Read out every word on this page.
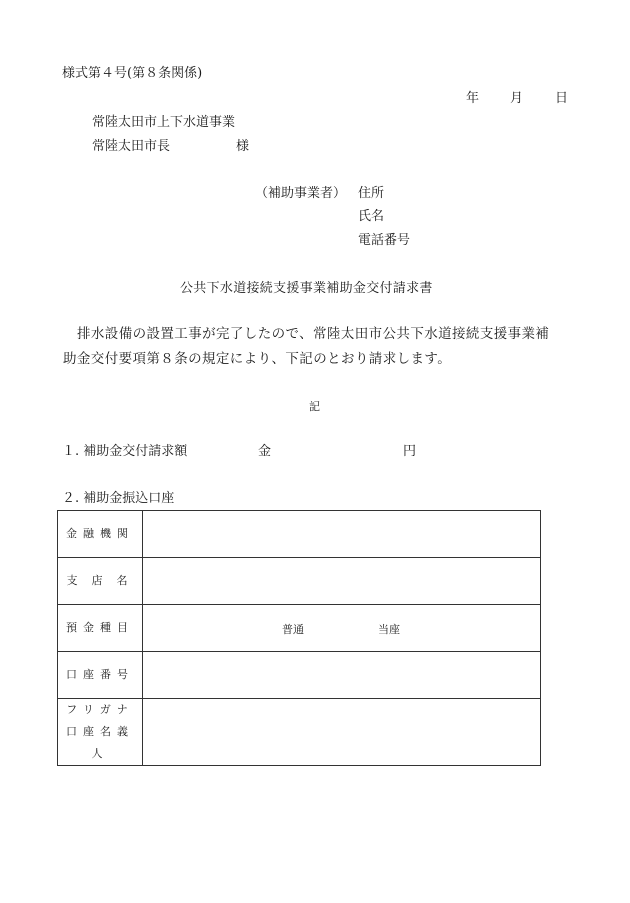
様式第４号(第８条関係)
年 月 日
常陸太田市上下水道事業
常陸太田市長	様
（補助事業者） 住所
氏名
電話番号
公共下水道接続支援事業補助金交付請求書
排水設備の設置工事が完了したので、常陸太田市公共下水道接続支援事業補
助金交付要項第８条の規定により、下記のとおり請求します。
記
１. 補助金交付請求額	金	円
２. 補助金振込口座
金融機関	
支店名	
預金種目	普通 当座

口座番号	

フリガナ
口座名義人	
